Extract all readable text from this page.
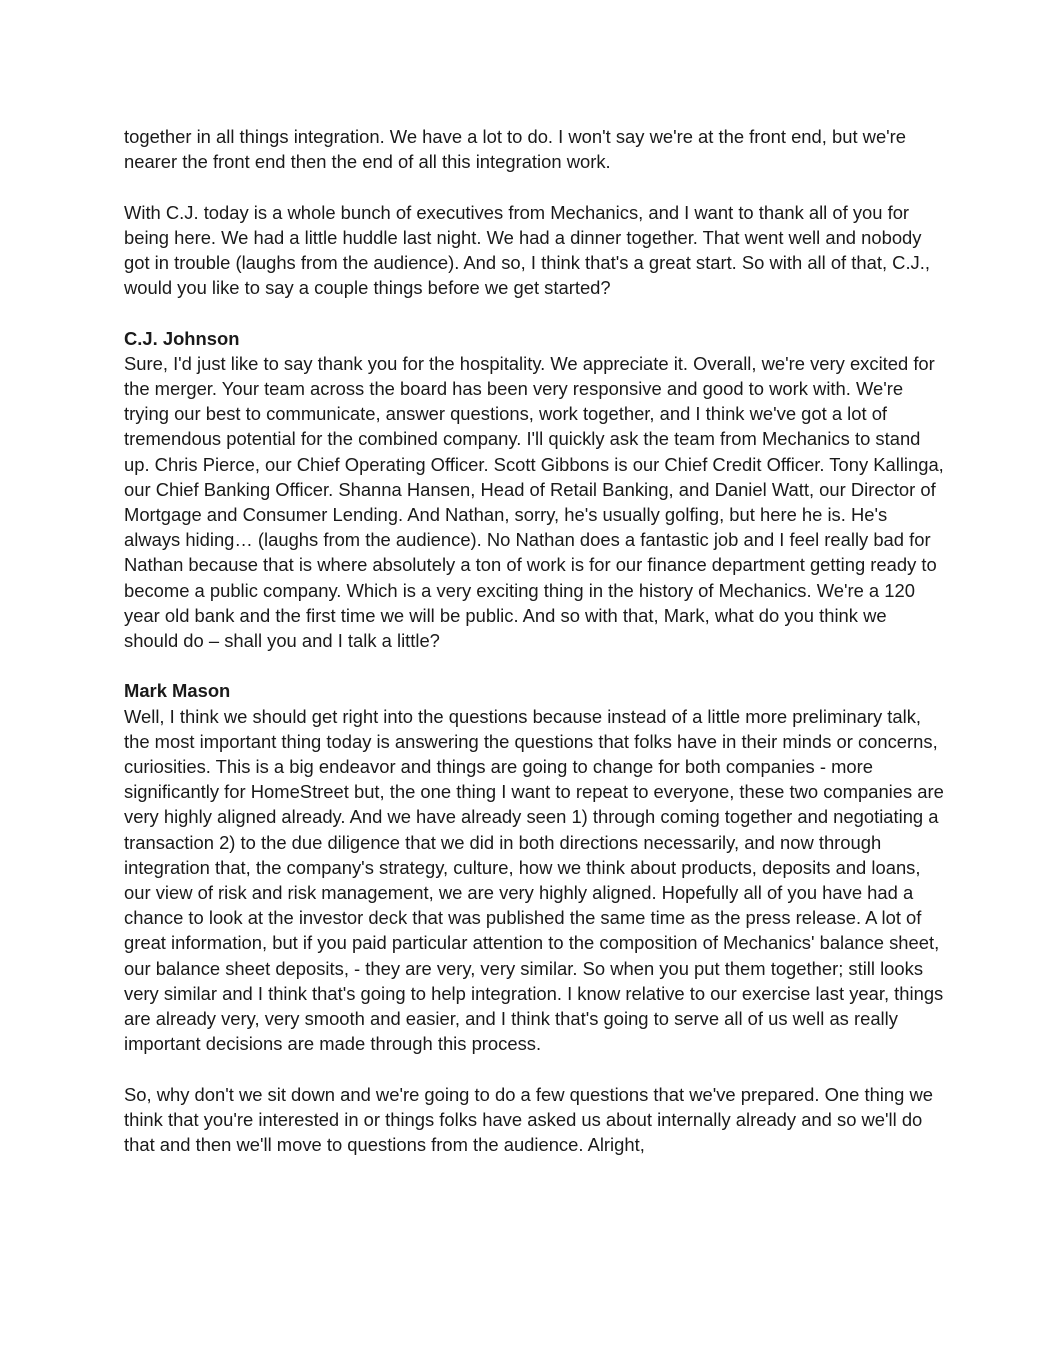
together in all things integration. We have a lot to do. I won't say we're at the front end, but we're nearer the front end then the end of all this integration work.

With C.J. today is a whole bunch of executives from Mechanics, and I want to thank all of you for being here. We had a little huddle last night. We had a dinner together. That went well and nobody got in trouble (laughs from the audience). And so, I think that's a great start. So with all of that, C.J., would you like to say a couple things before we get started?

C.J. Johnson

Sure, I'd just like to say thank you for the hospitality. We appreciate it. Overall, we're very excited for the merger. Your team across the board has been very responsive and good to work with. We're trying our best to communicate, answer questions, work together, and I think we've got a lot of tremendous potential for the combined company. I'll quickly ask the team from Mechanics to stand up. Chris Pierce, our Chief Operating Officer. Scott Gibbons is our Chief Credit Officer. Tony Kallinga, our Chief Banking Officer. Shanna Hansen, Head of Retail Banking, and Daniel Watt, our Director of Mortgage and Consumer Lending. And Nathan, sorry, he's usually golfing, but here he is. He's always hiding… (laughs from the audience). No Nathan does a fantastic job and I feel really bad for Nathan because that is where absolutely a ton of work is for our finance department getting ready to become a public company. Which is a very exciting thing in the history of Mechanics. We're a 120 year old bank and the first time we will be public. And so with that, Mark, what do you think we should do – shall you and I talk a little?

Mark Mason

Well, I think we should get right into the questions because instead of a little more preliminary talk, the most important thing today is answering the questions that folks have in their minds or concerns, curiosities. This is a big endeavor and things are going to change for both companies - more significantly for HomeStreet but, the one thing I want to repeat to everyone, these two companies are very highly aligned already. And we have already seen 1) through coming together and negotiating a transaction 2) to the due diligence that we did in both directions necessarily, and now through integration that, the company's strategy, culture, how we think about products, deposits and loans, our view of risk and risk management, we are very highly aligned. Hopefully all of you have had a chance to look at the investor deck that was published the same time as the press release. A lot of great information, but if you paid particular attention to the composition of Mechanics' balance sheet, our balance sheet deposits, - they are very, very similar. So when you put them together; still looks very similar and I think that's going to help integration. I know relative to our exercise last year, things are already very, very smooth and easier, and I think that's going to serve all of us well as really important decisions are made through this process.

So, why don't we sit down and we're going to do a few questions that we've prepared. One thing we think that you're interested in or things folks have asked us about internally already and so we'll do that and then we'll move to questions from the audience. Alright,
